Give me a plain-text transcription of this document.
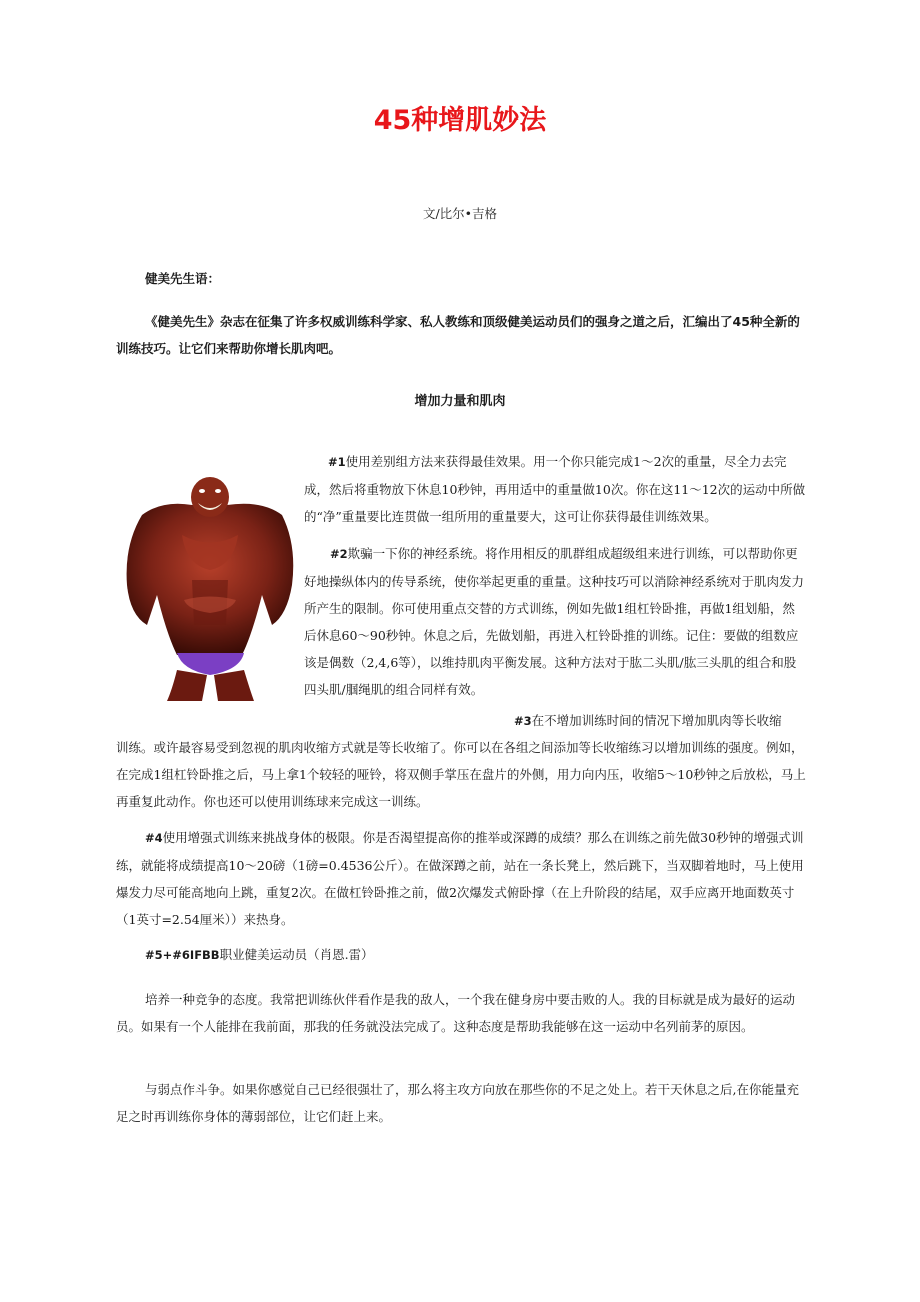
45种增肌妙法
文/比尔•吉格
健美先生语：
《健美先生》杂志在征集了许多权威训练科学家、私人教练和顶级健美运动员们的强身之道之后，汇编出了45种全新的训练技巧。让它们来帮助你增长肌肉吧。
增加力量和肌肉
#1使用差别组方法来获得最佳效果。用一个你只能完成1～2次的重量，尽全力去完成，然后将重物放下休息10秒钟，再用适中的重量做10次。你在这11～12次的运动中所做的“净”重量要比连贯做一组所用的重量要大，这可让你获得最佳训练效果。
#2欺骗一下你的神经系统。将作用相反的肌群组成超级组来进行训练，可以帮助你更好地操纵体内的传导系统，使你举起更重的重量。这种技巧可以消除神经系统对于肌肉发力所产生的限制。你可使用重点交替的方式训练，例如先做1组杠铃卧推，再做1组划船，然后休息60～90秒钟。休息之后，先做划船，再进入杠铃卧推的训练。记住：要做的组数应该是偶数（2,4,6等），以维持肌肉平衡发展。这种方法对于肱二头肌/肱三头肌的组合和股四头肌/腘绳肌的组合同样有效。
#3在不增加训练时间的情况下增加肌肉等长收缩
训练。或许最容易受到忽视的肌肉收缩方式就是等长收缩了。你可以在各组之间添加等长收缩练习以增加训练的强度。例如，在完成1组杠铃卧推之后，马上拿1个较轻的哑铃，将双侧手掌压在盘片的外侧，用力向内压，收缩5～10秒钟之后放松，马上再重复此动作。你也还可以使用训练球来完成这一训练。
#4使用增强式训练来挑战身体的极限。你是否渴望提高你的推举或深蹲的成绩？那么在训练之前先做30秒钟的增强式训练，就能将成绩提高10～20磅（1磅=0.4536公斤）。在做深蹲之前，站在一条长凳上，然后跳下，当双脚着地时，马上使用爆发力尽可能高地向上跳，重复2次。在做杠铃卧推之前，做2次爆发式俯卧撑（在上升阶段的结尾，双手应离开地面数英寸（1英寸=2.54厘米））来热身。
#5+#6IFBB职业健美运动员（肖恩.雷）
培养一种竞争的态度。我常把训练伙伴看作是我的敌人，一个我在健身房中要击败的人。我的目标就是成为最好的运动员。如果有一个人能排在我前面，那我的任务就没法完成了。这种态度是帮助我能够在这一运动中名列前茅的原因。
与弱点作斗争。如果你感觉自己已经很强壮了，那么将主攻方向放在那些你的不足之处上。若干天休息之后,在你能量充足之时再训练你身体的薄弱部位，让它们赶上来。
